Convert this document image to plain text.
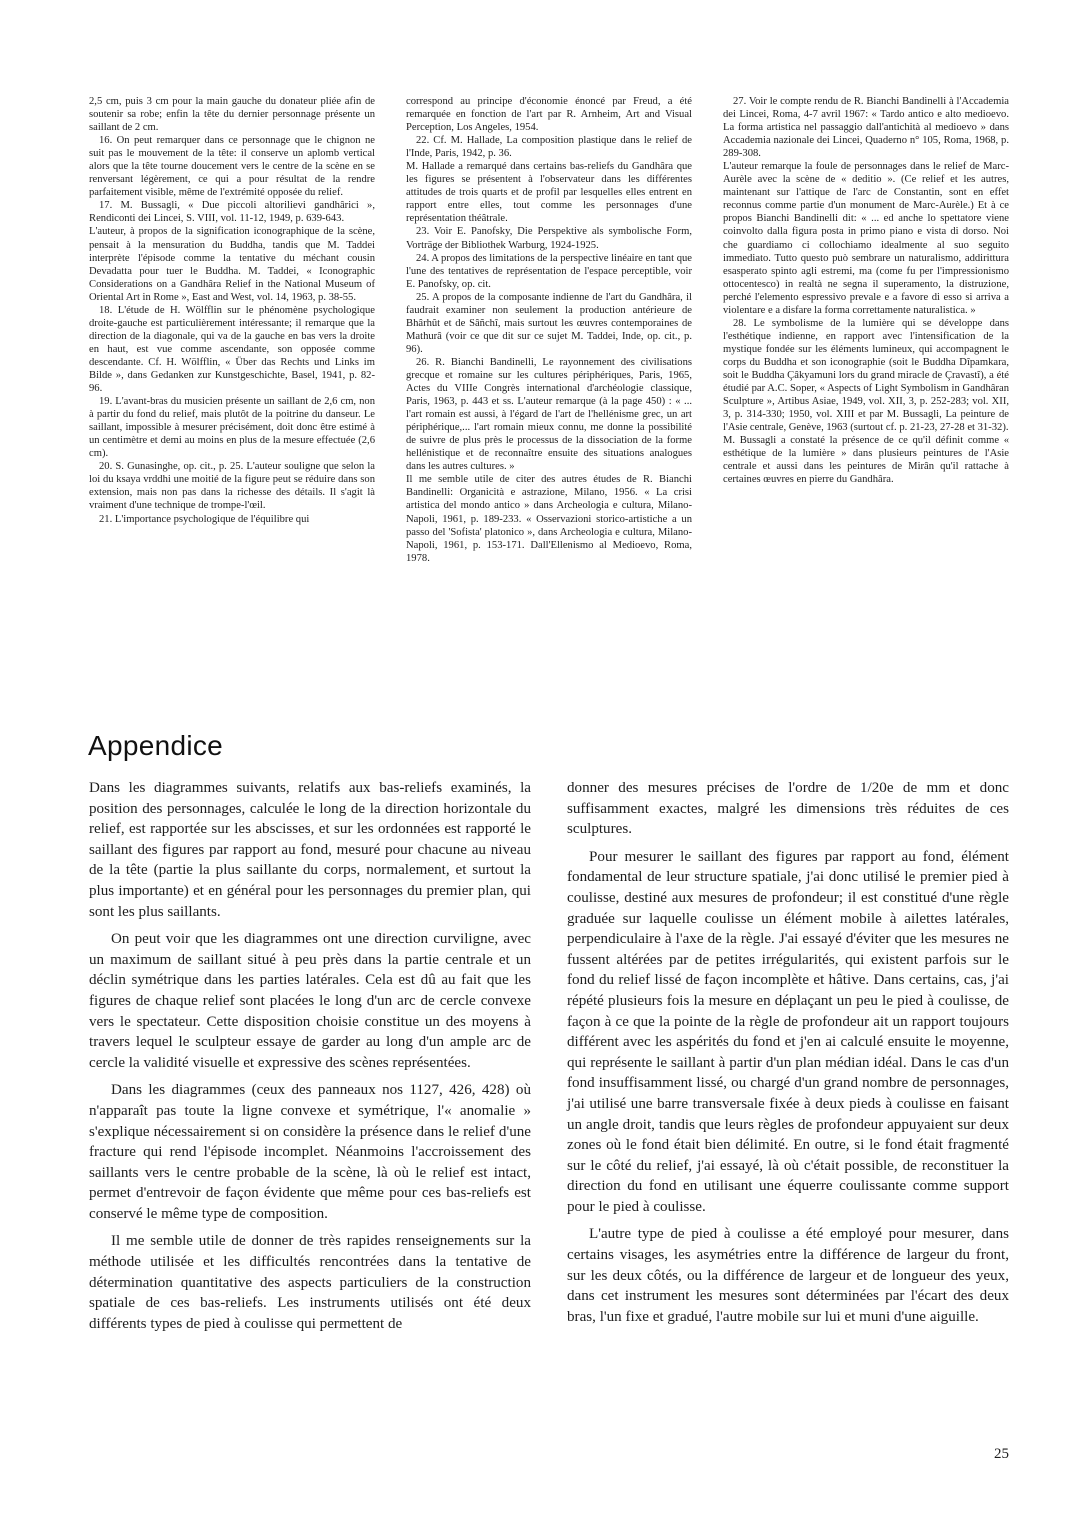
2,5 cm, puis 3 cm pour la main gauche du donateur pliée afin de soutenir sa robe; enfin la tête du dernier personnage présente un saillant de 2 cm.

16. On peut remarquer dans ce personnage que le chignon ne suit pas le mouvement de la tête: il conserve un aplomb vertical alors que la tête tourne doucement vers le centre de la scène en se renversant légèrement, ce qui a pour résultat de la rendre parfaitement visible, même de l'extrémité opposée du relief.

17. M. Bussagli, « Due piccoli altorilievi gandhârici », Rendiconti dei Lincei, S. VIII, vol. 11-12, 1949, p. 639-643.

L'auteur, à propos de la signification iconographique de la scène, pensait à la mensuration du Buddha, tandis que M. Taddei interprète l'épisode comme la tentative du méchant cousin Devadatta pour tuer le Buddha. M. Taddei, « Iconographic Considerations on a Gandhâra Relief in the National Museum of Oriental Art in Rome », East and West, vol. 14, 1963, p. 38-55.

18. L'étude de H. Wölfflin sur le phénomène psychologique droite-gauche est particulièrement intéressante; il remarque que la direction de la diagonale, qui va de la gauche en bas vers la droite en haut, est vue comme ascendante, son opposée comme descendante. Cf. H. Wölfflin, « Über das Rechts und Links im Bilde », dans Gedanken zur Kunstgeschichte, Basel, 1941, p. 82-96.

19. L'avant-bras du musicien présente un saillant de 2,6 cm, non à partir du fond du relief, mais plutôt de la poitrine du danseur. Le saillant, impossible à mesurer précisément, doit donc être estimé à un centimètre et demi au moins en plus de la mesure effectuée (2,6 cm).

20. S. Gunasinghe, op. cit., p. 25. L'auteur souligne que selon la loi du ksaya vrddhi une moitié de la figure peut se réduire dans son extension, mais non pas dans la richesse des détails. Il s'agit là vraiment d'une technique de trompe-l'œil.

21. L'importance psychologique de l'équilibre qui

correspond au principe d'économie énoncé par Freud, a été remarquée en fonction de l'art par R. Arnheim, Art and Visual Perception, Los Angeles, 1954.

22. Cf. M. Hallade, La composition plastique dans le relief de l'Inde, Paris, 1942, p. 36.

M. Hallade a remarqué dans certains bas-reliefs du Gandhâra que les figures se présentent à l'observateur dans les différentes attitudes de trois quarts et de profil par lesquelles elles entrent en rapport entre elles, tout comme les personnages d'une représentation théâtrale.

23. Voir E. Panofsky, Die Perspektive als symbolische Form, Vorträge der Bibliothek Warburg, 1924-1925.

24. A propos des limitations de la perspective linéaire en tant que l'une des tentatives de représentation de l'espace perceptible, voir E. Panofsky, op. cit.

25. A propos de la composante indienne de l'art du Gandhâra, il faudrait examiner non seulement la production antérieure de Bhârhût et de Sâñchî, mais surtout les œuvres contemporaines de Mathurâ (voir ce que dit sur ce sujet M. Taddei, Inde, op. cit., p. 96).

26. R. Bianchi Bandinelli, Le rayonnement des civilisations grecque et romaine sur les cultures périphériques, Paris, 1965, Actes du VIIIe Congrès international d'archéologie classique, Paris, 1963, p. 443 et ss. L'auteur remarque (à la page 450) : « ... l'art romain est aussi, à l'égard de l'art de l'hellénisme grec, un art périphérique,... l'art romain mieux connu, me donne la possibilité de suivre de plus près le processus de la dissociation de la forme hellénistique et de reconnaître ensuite des situations analogues dans les autres cultures. »

Il me semble utile de citer des autres études de R. Bianchi Bandinelli: Organicità e astrazione, Milano, 1956. « La crisi artistica del mondo antico » dans Archeologia e cultura, Milano-Napoli, 1961, p. 189-233. « Osservazioni storico-artistiche a un passo del 'Sofista' platonico », dans Archeologia e cultura, Milano-Napoli, 1961, p. 153-171. Dall'Ellenismo al Medioevo, Roma, 1978.

27. Voir le compte rendu de R. Bianchi Bandinelli à l'Accademia dei Lincei, Roma, 4-7 avril 1967: « Tardo antico e alto medioevo. La forma artistica nel passaggio dall'antichità al medioevo » dans Accademia nazionale dei Lincei, Quaderno n° 105, Roma, 1968, p. 289-308.

L'auteur remarque la foule de personnages dans le relief de Marc-Aurèle avec la scène de « deditio ». (Ce relief et les autres, maintenant sur l'attique de l'arc de Constantin, sont en effet reconnus comme partie d'un monument de Marc-Aurèle.) Et à ce propos Bianchi Bandinelli dit: « ... ed anche lo spettatore viene coinvolto dalla figura posta in primo piano e vista di dorso. Noi che guardiamo ci collochiamo idealmente al suo seguito immediato. Tutto questo può sembrare un naturalismo, addirittura esasperato spinto agli estremi, ma (come fu per l'impressionismo ottocentesco) in realtà ne segna il superamento, la distruzione, perché l'elemento espressivo prevale e a favore di esso si arriva a violentare e a disfare la forma correttamente naturalistica. »

28. Le symbolisme de la lumière qui se développe dans l'esthétique indienne, en rapport avec l'intensification de la mystique fondée sur les éléments lumineux, qui accompagnent le corps du Buddha et son iconographie (soit le Buddha Dîpamkara, soit le Buddha Çâkyamuni lors du grand miracle de Çravastî), a été étudié par A.C. Soper, « Aspects of Light Symbolism in Gandhâran Sculpture », Artibus Asiae, 1949, vol. XII, 3, p. 252-283; vol. XII, 3, p. 314-330; 1950, vol. XIII et par M. Bussagli, La peinture de l'Asie centrale, Genève, 1963 (surtout cf. p. 21-23, 27-28 et 31-32).

M. Bussagli a constaté la présence de ce qu'il définit comme « esthétique de la lumière » dans plusieurs peintures de l'Asie centrale et aussi dans les peintures de Mirân qu'il rattache à certaines œuvres en pierre du Gandhâra.

Appendice

Dans les diagrammes suivants, relatifs aux bas-reliefs examinés, la position des personnages, calculée le long de la direction horizontale du relief, est rapportée sur les abscisses, et sur les ordonnées est rapporté le saillant des figures par rapport au fond, mesuré pour chacune au niveau de la tête (partie la plus saillante du corps, normalement, et surtout la plus importante) et en général pour les personnages du premier plan, qui sont les plus saillants.

On peut voir que les diagrammes ont une direction curviligne, avec un maximum de saillant situé à peu près dans la partie centrale et un déclin symétrique dans les parties latérales. Cela est dû au fait que les figures de chaque relief sont placées le long d'un arc de cercle convexe vers le spectateur. Cette disposition choisie constitue un des moyens à travers lequel le sculpteur essaye de garder au long d'un ample arc de cercle la validité visuelle et expressive des scènes représentées.

Dans les diagrammes (ceux des panneaux nos 1127, 426, 428) où n'apparaît pas toute la ligne convexe et symétrique, l'« anomalie » s'explique nécessairement si on considère la présence dans le relief d'une fracture qui rend l'épisode incomplet. Néanmoins l'accroissement des saillants vers le centre probable de la scène, là où le relief est intact, permet d'entrevoir de façon évidente que même pour ces bas-reliefs est conservé le même type de composition.

Il me semble utile de donner de très rapides renseignements sur la méthode utilisée et les difficultés rencontrées dans la tentative de détermination quantitative des aspects particuliers de la construction spatiale de ces bas-reliefs. Les instruments utilisés ont été deux différents types de pied à coulisse qui permettent de

donner des mesures précises de l'ordre de 1/20e de mm et donc suffisamment exactes, malgré les dimensions très réduites de ces sculptures.

Pour mesurer le saillant des figures par rapport au fond, élément fondamental de leur structure spatiale, j'ai donc utilisé le premier pied à coulisse, destiné aux mesures de profondeur; il est constitué d'une règle graduée sur laquelle coulisse un élément mobile à ailettes latérales, perpendiculaire à l'axe de la règle. J'ai essayé d'éviter que les mesures ne fussent altérées par de petites irrégularités, qui existent parfois sur le fond du relief lissé de façon incomplète et hâtive. Dans certains, cas, j'ai répété plusieurs fois la mesure en déplaçant un peu le pied à coulisse, de façon à ce que la pointe de la règle de profondeur ait un rapport toujours différent avec les aspérités du fond et j'en ai calculé ensuite le moyenne, qui représente le saillant à partir d'un plan médian idéal. Dans le cas d'un fond insuffisamment lissé, ou chargé d'un grand nombre de personnages, j'ai utilisé une barre transversale fixée à deux pieds à coulisse en faisant un angle droit, tandis que leurs règles de profondeur appuyaient sur deux zones où le fond était bien délimité. En outre, si le fond était fragmenté sur le côté du relief, j'ai essayé, là où c'était possible, de reconstituer la direction du fond en utilisant une équerre coulissante comme support pour le pied à coulisse.

L'autre type de pied à coulisse a été employé pour mesurer, dans certains visages, les asymétries entre la différence de largeur du front, sur les deux côtés, ou la différence de largeur et de longueur des yeux, dans cet instrument les mesures sont déterminées par l'écart des deux bras, l'un fixe et gradué, l'autre mobile sur lui et muni d'une aiguille.

25
